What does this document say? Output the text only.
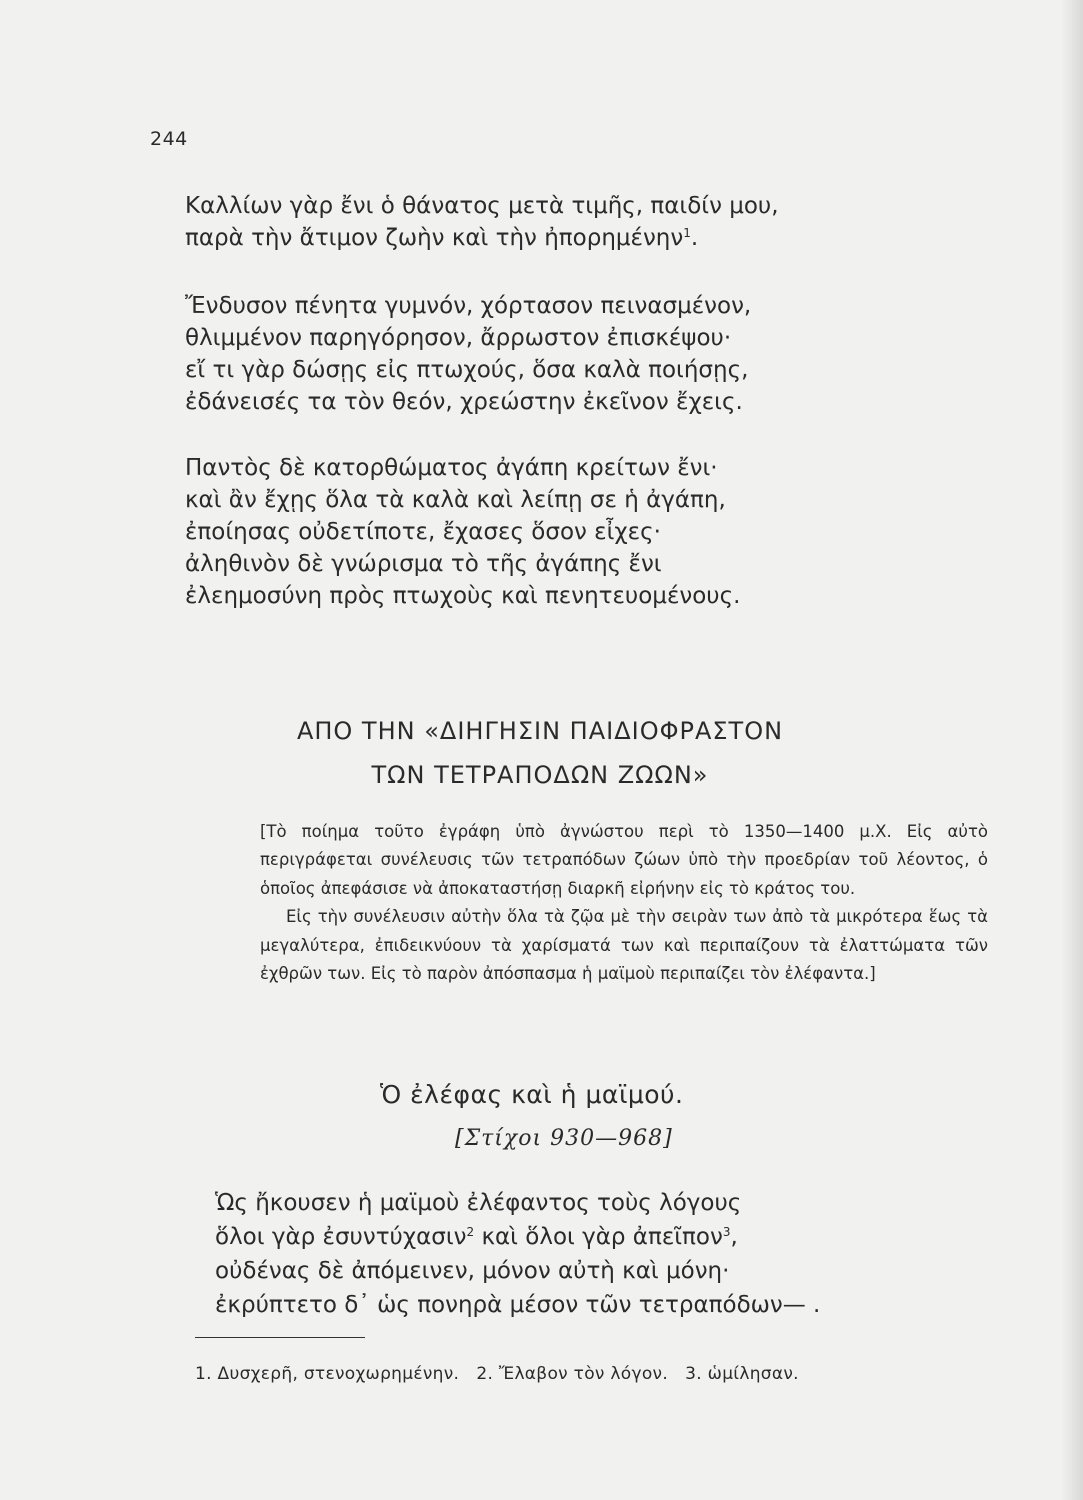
244
Καλλίων γὰρ ἔνι ὁ θάνατος μετὰ τιμῆς, παιδίν μου,
παρὰ τὴν ἄτιμον ζωὴν καὶ τὴν ἠπορημένην$^1$.
Ἔνδυσον πένητα γυμνόν, χόρτασον πεινασμένον,
θλιμμένον παρηγόρησον, ἄρρωστον ἐπισκέψου·
εἴ τι γὰρ δώσῃς εἰς πτωχούς, ὅσα καλὰ ποιήσῃς,
ἐδάνεισές τα τὸν θεόν, χρεώστην ἐκεῖνον ἔχεις.
Παντὸς δὲ κατορθώματος ἀγάπη κρείτων ἔνι·
καὶ ἂν ἔχῃς ὅλα τὰ καλὰ καὶ λείπῃ σε ἡ ἀγάπη,
ἐποίησας οὐδετίποτε, ἔχασες ὅσον εἶχες·
ἀληθινὸν δὲ γνώρισμα τὸ τῆς ἀγάπης ἔνι
ἐλεημοσύνη πρὸς πτωχοὺς καὶ πενητευομένους.
ΑΠΟ ΤΗΝ «ΔΙΗΓΗΣΙΝ ΠΑΙΔΙΟΦΡΑΣΤΟΝ
ΤΩΝ ΤΕΤΡΑΠΟΔΩΝ ΖΩΩΝ»

[Τὸ ποίημα τοῦτο ἐγράφη ὑπὸ ἀγνώστου περὶ τὸ 1350—1400 μ.Χ. Εἰς αὐτὸ περιγράφεται συνέλευσις τῶν τετραπόδων ζώων ὑπὸ τὴν προεδρίαν τοῦ λέοντος, ὁ ὁποῖος ἀπεφάσισε νὰ ἀποκαταστήσῃ διαρκῆ εἰρήνην εἰς τὸ κράτος του.

Εἰς τὴν συνέλευσιν αὐτὴν ὅλα τὰ ζῷα μὲ τὴν σειρὰν των ἀπὸ τὰ μικρότερα ἕως τὰ μεγαλύτερα, ἐπιδεικνύουν τὰ χαρίσματά των καὶ περιπαίζουν τὰ ἐλαττώματα τῶν ἐχθρῶν των. Εἰς τὸ παρὸν ἀπόσπασμα ἡ μαϊμοὺ περιπαίζει τὸν ἐλέφαντα.]

Ὁ ἐλέφας καὶ ἡ μαϊμού.
[Στίχοι 930—968]
Ὡς ἤκουσεν ἡ μαϊμοὺ ἐλέφαντος τοὺς λόγους
ὅλοι γὰρ ἐσυντύχασιν$^2$ καὶ ὅλοι γὰρ ἀπεῖπον$^3$,
οὐδένας δὲ ἀπόμεινεν, μόνον αὐτὴ καὶ μόνη·
ἐκρύπτετο δ᾽ ὡς πονηρὰ μέσον τῶν τετραπόδων— .
1. Δυσχερῆ, στενοχωρημένην.   2. Ἔλαβον τὸν λόγον.   3. ὡμίλησαν.
